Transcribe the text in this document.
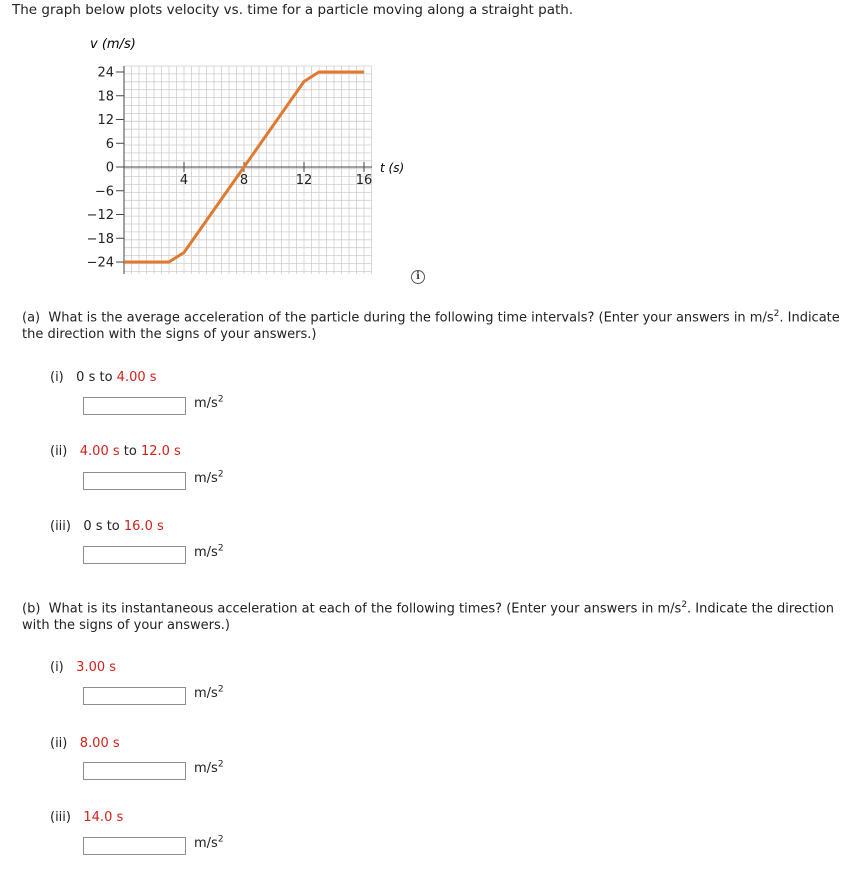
The graph below plots velocity vs. time for a particle moving along a straight path.
24
18
12
6
0
−6
−12
−18
−24
4	8	12	16
v (m/s)
t (s)
i
(a) What is the average acceleration of the particle during the following time intervals? (Enter your answers in $m/s^2$. Indicate the direction with the signs of your answers.)
(i) 0 s to 4.00 s
$m/s^2$
(ii) 4.00 s to 12.0 s
$m/s^2$
(iii) 0 s to 16.0 s
$m/s^2$
(b) What is its instantaneous acceleration at each of the following times? (Enter your answers in $m/s^2$. Indicate the direction with the signs of your answers.)
(i) 3.00 s
$m/s^2$
(ii) 8.00 s
$m/s^2$
(iii) 14.0 s
$m/s^2$
